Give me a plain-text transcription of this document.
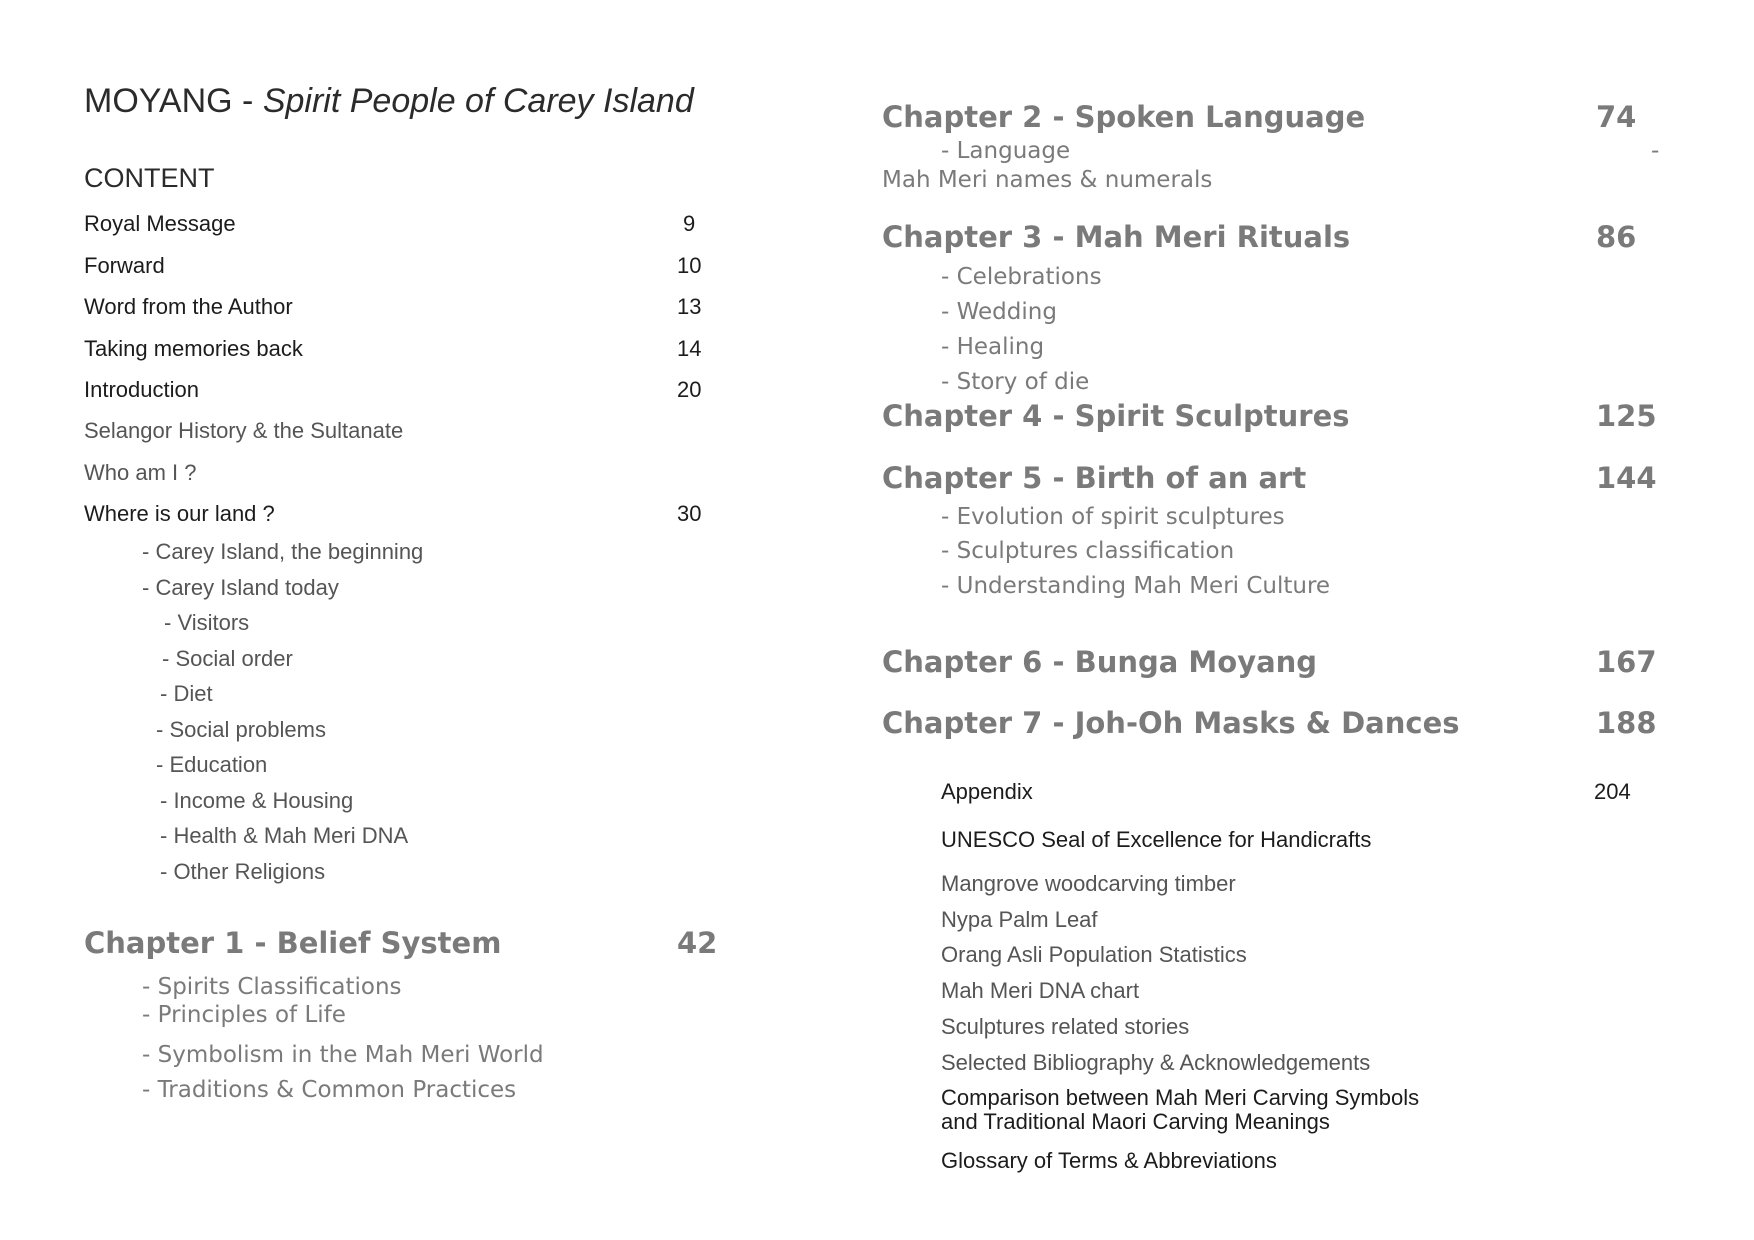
MOYANG - Spirit People of Carey Island
CONTENT
Royal Message	9
Forward	10
Word from the Author	13
Taking memories back	14
Introduction	20
Selangor History & the Sultanate
Who am I ?
Where is our land ?	30
- Carey Island, the beginning
- Carey Island today
- Visitors
- Social order
- Diet
- Social problems
- Education
- Income & Housing
- Health & Mah Meri DNA
- Other Religions
Chapter 1 - Belief System	42
- Spirits Classifications
- Principles of Life
- Symbolism in the Mah Meri World
- Traditions & Common Practices
Chapter 2 - Spoken Language	74
- Language	-
Mah Meri names & numerals
Chapter 3 - Mah Meri Rituals	86
- Celebrations
- Wedding
- Healing
- Story of die
Chapter 4 - Spirit Sculptures	125
Chapter 5 - Birth of an art	144
- Evolution of spirit sculptures
- Sculptures classification
- Understanding Mah Meri Culture
Chapter 6 - Bunga Moyang	167
Chapter 7 - Joh-Oh Masks & Dances	188
Appendix	204
UNESCO Seal of Excellence for Handicrafts
Mangrove woodcarving timber
Nypa Palm Leaf
Orang Asli Population Statistics
Mah Meri DNA chart
Sculptures related stories
Selected Bibliography & Acknowledgements
Comparison between Mah Meri Carving Symbols
and Traditional Maori Carving Meanings
Glossary of Terms & Abbreviations
